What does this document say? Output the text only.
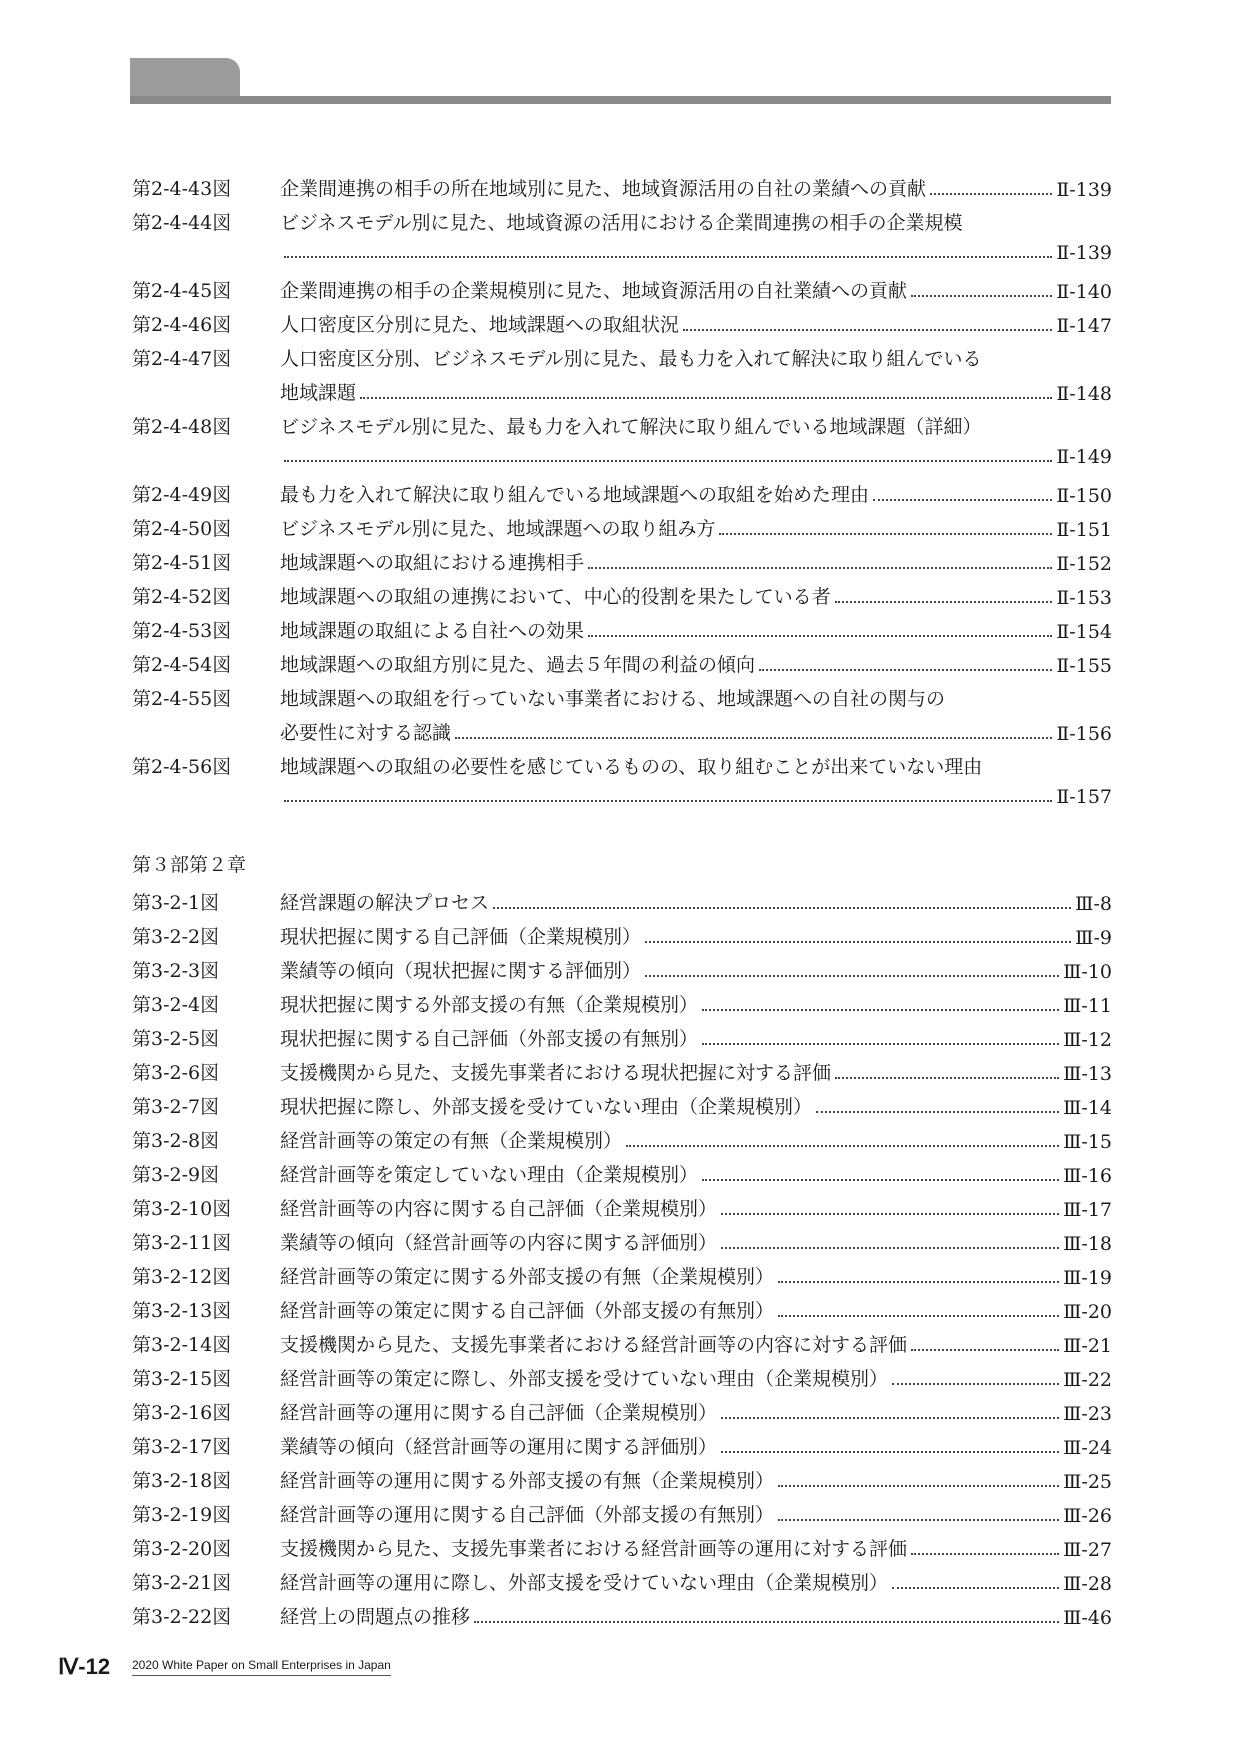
第2-4-43図	企業間連携の相手の所在地域別に見た、地域資源活用の自社の業績への貢献	Ⅱ-139
第2-4-44図	ビジネスモデル別に見た、地域資源の活用における企業間連携の相手の企業規模
Ⅱ-139
第2-4-45図	企業間連携の相手の企業規模別に見た、地域資源活用の自社業績への貢献	Ⅱ-140
第2-4-46図	人口密度区分別に見た、地域課題への取組状況	Ⅱ-147
第2-4-47図	人口密度区分別、ビジネスモデル別に見た、最も力を入れて解決に取り組んでいる
地域課題	Ⅱ-148
第2-4-48図	ビジネスモデル別に見た、最も力を入れて解決に取り組んでいる地域課題（詳細）
Ⅱ-149
第2-4-49図	最も力を入れて解決に取り組んでいる地域課題への取組を始めた理由	Ⅱ-150
第2-4-50図	ビジネスモデル別に見た、地域課題への取り組み方	Ⅱ-151
第2-4-51図	地域課題への取組における連携相手	Ⅱ-152
第2-4-52図	地域課題への取組の連携において、中心的役割を果たしている者	Ⅱ-153
第2-4-53図	地域課題の取組による自社への効果	Ⅱ-154
第2-4-54図	地域課題への取組方別に見た、過去５年間の利益の傾向	Ⅱ-155
第2-4-55図	地域課題への取組を行っていない事業者における、地域課題への自社の関与の
必要性に対する認識	Ⅱ-156
第2-4-56図	地域課題への取組の必要性を感じているものの、取り組むことが出来ていない理由
Ⅱ-157
第３部第２章
第3-2-1図	経営課題の解決プロセス	Ⅲ-8
第3-2-2図	現状把握に関する自己評価（企業規模別）	Ⅲ-9
第3-2-3図	業績等の傾向（現状把握に関する評価別）	Ⅲ-10
第3-2-4図	現状把握に関する外部支援の有無（企業規模別）	Ⅲ-11
第3-2-5図	現状把握に関する自己評価（外部支援の有無別）	Ⅲ-12
第3-2-6図	支援機関から見た、支援先事業者における現状把握に対する評価	Ⅲ-13
第3-2-7図	現状把握に際し、外部支援を受けていない理由（企業規模別）	Ⅲ-14
第3-2-8図	経営計画等の策定の有無（企業規模別）	Ⅲ-15
第3-2-9図	経営計画等を策定していない理由（企業規模別）	Ⅲ-16
第3-2-10図	経営計画等の内容に関する自己評価（企業規模別）	Ⅲ-17
第3-2-11図	業績等の傾向（経営計画等の内容に関する評価別）	Ⅲ-18
第3-2-12図	経営計画等の策定に関する外部支援の有無（企業規模別）	Ⅲ-19
第3-2-13図	経営計画等の策定に関する自己評価（外部支援の有無別）	Ⅲ-20
第3-2-14図	支援機関から見た、支援先事業者における経営計画等の内容に対する評価	Ⅲ-21
第3-2-15図	経営計画等の策定に際し、外部支援を受けていない理由（企業規模別）	Ⅲ-22
第3-2-16図	経営計画等の運用に関する自己評価（企業規模別）	Ⅲ-23
第3-2-17図	業績等の傾向（経営計画等の運用に関する評価別）	Ⅲ-24
第3-2-18図	経営計画等の運用に関する外部支援の有無（企業規模別）	Ⅲ-25
第3-2-19図	経営計画等の運用に関する自己評価（外部支援の有無別）	Ⅲ-26
第3-2-20図	支援機関から見た、支援先事業者における経営計画等の運用に対する評価	Ⅲ-27
第3-2-21図	経営計画等の運用に際し、外部支援を受けていない理由（企業規模別）	Ⅲ-28
第3-2-22図	経営上の問題点の推移	Ⅲ-46
Ⅳ-12 2020 White Paper on Small Enterprises in Japan
